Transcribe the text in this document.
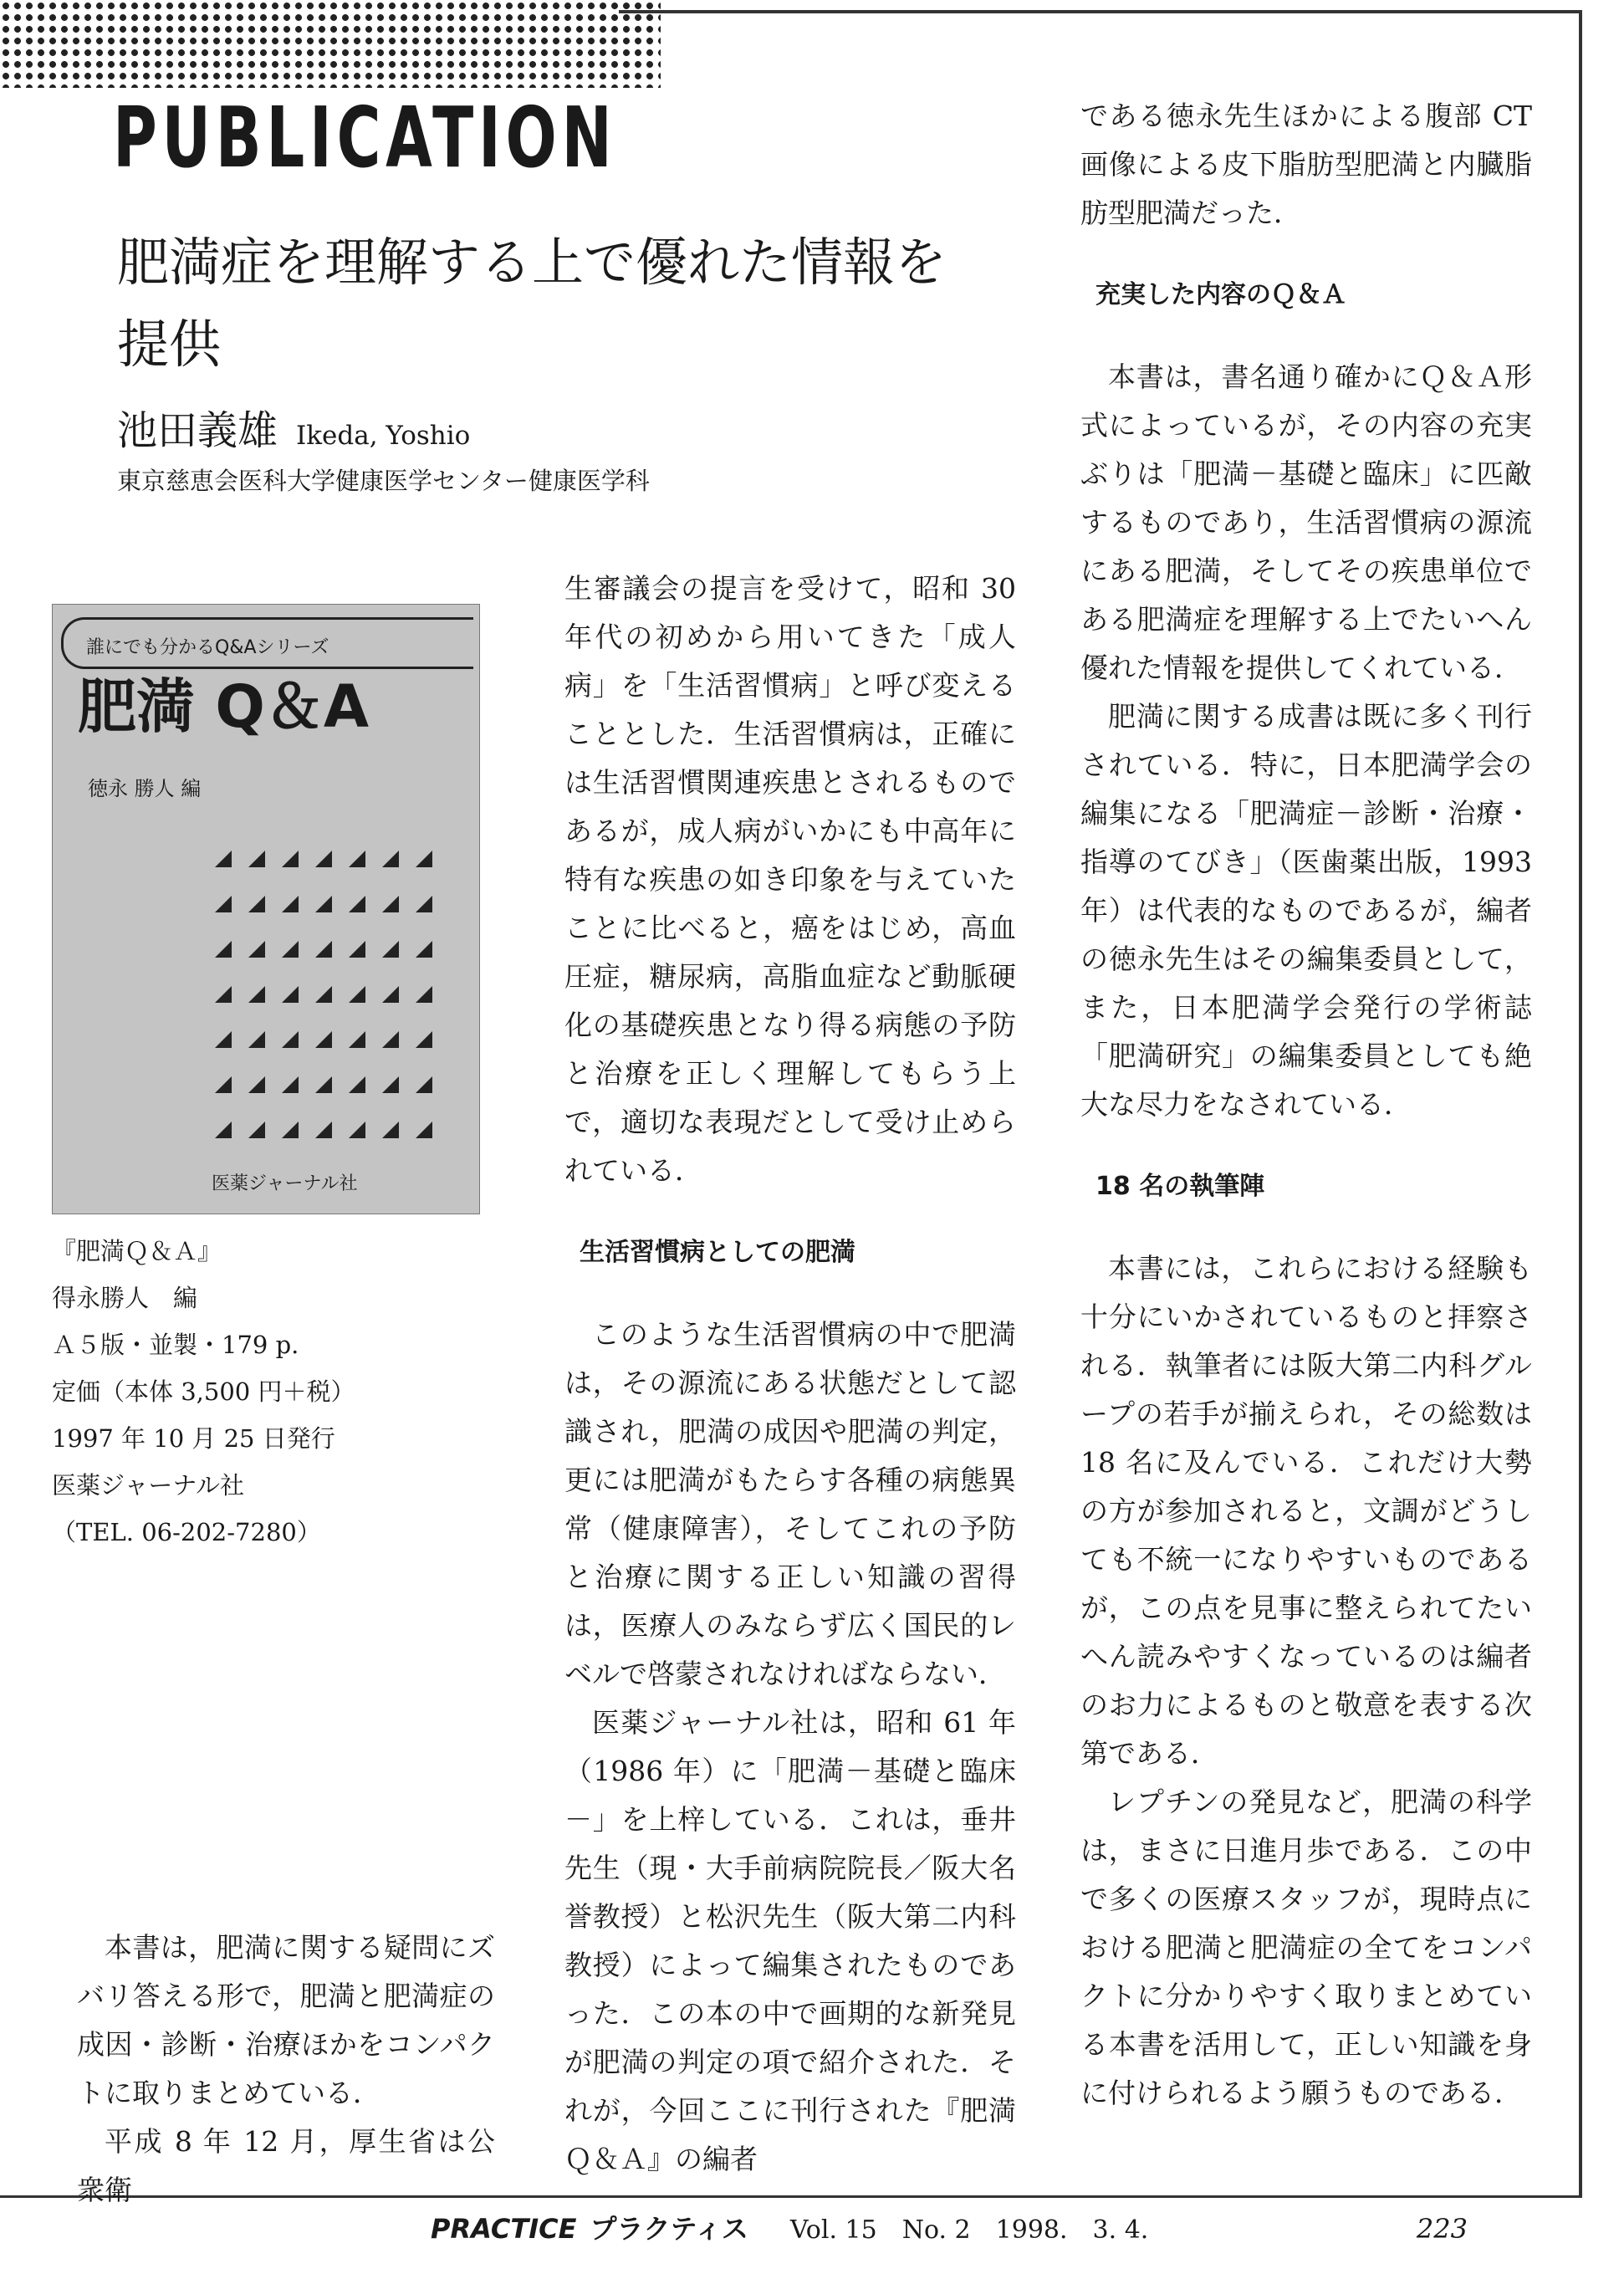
PUBLICATION
肥満症を理解する上で優れた情報を
提供
池田義雄 Ikeda, Yoshio
東京慈恵会医科大学健康医学センター健康医学科
誰にでも分かるQ&Aシリーズ
肥満 Q＆A
徳永 勝人 編
医薬ジャーナル社
『肥満Ｑ＆Ａ』
得永勝人　編
Ａ５版・並製・179 p.
定価（本体 3,500 円＋税）
1997 年 10 月 25 日発行
医薬ジャーナル社
（TEL. 06-202-7280）

本書は，肥満に関する疑問にズバリ答える形で，肥満と肥満症の成因・診断・治療ほかをコンパクトに取りまとめている．

平成 8 年 12 月，厚生省は公衆衛

生審議会の提言を受けて，昭和 30 年代の初めから用いてきた「成人病」を「生活習慣病」と呼び変えることとした．生活習慣病は，正確には生活習慣関連疾患とされるものであるが，成人病がいかにも中高年に特有な疾患の如き印象を与えていたことに比べると，癌をはじめ，高血圧症，糖尿病，高脂血症など動脈硬化の基礎疾患となり得る病態の予防と治療を正しく理解してもらう上で，適切な表現だとして受け止められている．

生活習慣病としての肥満

このような生活習慣病の中で肥満は，その源流にある状態だとして認識され，肥満の成因や肥満の判定，更には肥満がもたらす各種の病態異常（健康障害），そしてこれの予防と治療に関する正しい知識の習得は，医療人のみならず広く国民的レベルで啓蒙されなければならない．

医薬ジャーナル社は，昭和 61 年（1986 年）に「肥満－基礎と臨床－」を上梓している．これは，垂井先生（現・大手前病院院長／阪大名誉教授）と松沢先生（阪大第二内科教授）によって編集されたものであった．この本の中で画期的な新発見が肥満の判定の項で紹介された．それが，今回ここに刊行された『肥満Ｑ＆Ａ』の編者

である徳永先生ほかによる腹部 CT 画像による皮下脂肪型肥満と内臓脂肪型肥満だった．

充実した内容のＱ＆Ａ

本書は，書名通り確かにＱ＆Ａ形式によっているが，その内容の充実ぶりは「肥満－基礎と臨床」に匹敵するものであり，生活習慣病の源流にある肥満，そしてその疾患単位である肥満症を理解する上でたいへん優れた情報を提供してくれている．

肥満に関する成書は既に多く刊行されている．特に，日本肥満学会の編集になる「肥満症－診断・治療・指導のてびき」（医歯薬出版，1993 年）は代表的なものであるが，編者の徳永先生はその編集委員として，また，日本肥満学会発行の学術誌「肥満研究」の編集委員としても絶大な尽力をなされている．

18 名の執筆陣

本書には，これらにおける経験も十分にいかされているものと拝察される．執筆者には阪大第二内科グループの若手が揃えられ，その総数は 18 名に及んでいる．これだけ大勢の方が参加されると，文調がどうしても不統一になりやすいものであるが，この点を見事に整えられてたいへん読みやすくなっているのは編者のお力によるものと敬意を表する次第である．

レプチンの発見など，肥満の科学は，まさに日進月歩である．この中で多くの医療スタッフが，現時点における肥満と肥満症の全てをコンパクトに分かりやすく取りまとめている本書を活用して，正しい知識を身に付けられるよう願うものである．

PRACTICE プラクティス Vol. 15　No. 2　1998.　3. 4.	223
